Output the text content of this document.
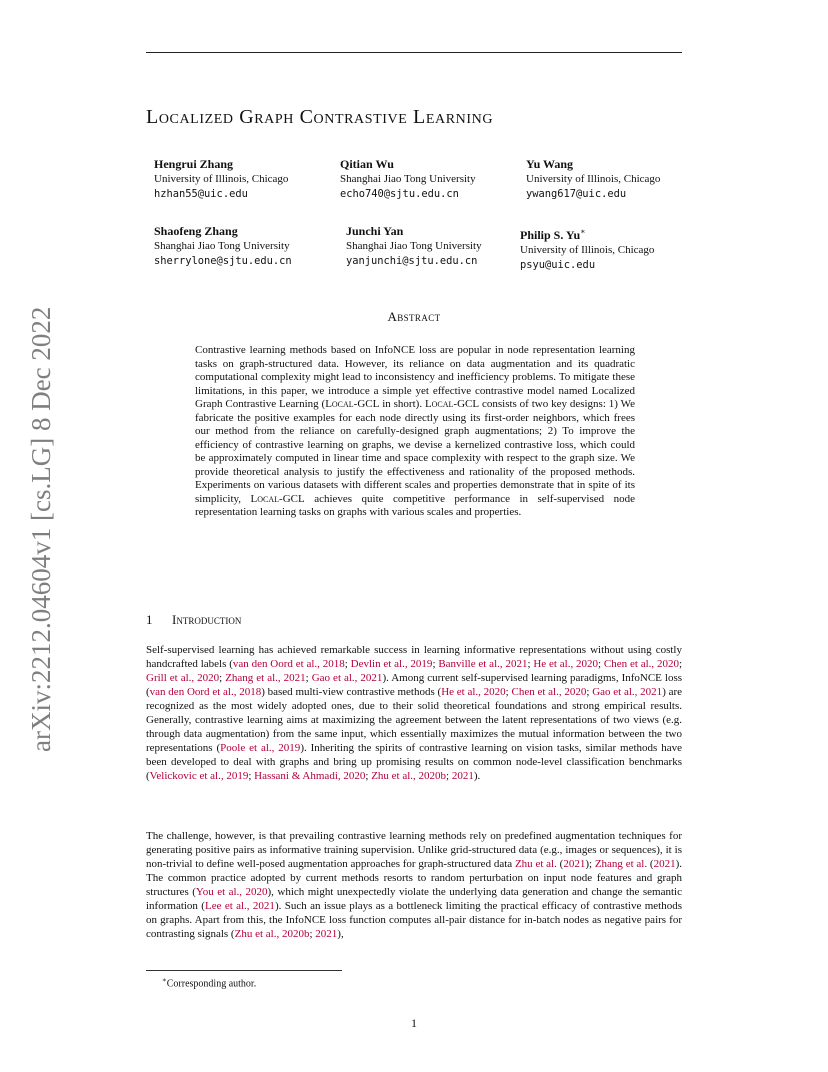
arXiv:2212.04604v1 [cs.LG] 8 Dec 2022
Localized Graph Contrastive Learning
Hengrui Zhang
University of Illinois, Chicago
hzhan55@uic.edu
Qitian Wu
Shanghai Jiao Tong University
echo740@sjtu.edu.cn
Yu Wang
University of Illinois, Chicago
ywang617@uic.edu
Shaofeng Zhang
Shanghai Jiao Tong University
sherrylone@sjtu.edu.cn
Junchi Yan
Shanghai Jiao Tong University
yanjunchi@sjtu.edu.cn
Philip S. Yu∗
University of Illinois, Chicago
psyu@uic.edu
Abstract
Contrastive learning methods based on InfoNCE loss are popular in node representation learning tasks on graph-structured data. However, its reliance on data augmentation and its quadratic computational complexity might lead to inconsistency and inefficiency problems. To mitigate these limitations, in this paper, we introduce a simple yet effective contrastive model named Localized Graph Contrastive Learning (Local-GCL in short). Local-GCL consists of two key designs: 1) We fabricate the positive examples for each node directly using its first-order neighbors, which frees our method from the reliance on carefully-designed graph augmentations; 2) To improve the efficiency of contrastive learning on graphs, we devise a kernelized contrastive loss, which could be approximately computed in linear time and space complexity with respect to the graph size. We provide theoretical analysis to justify the effectiveness and rationality of the proposed methods. Experiments on various datasets with different scales and properties demonstrate that in spite of its simplicity, Local-GCL achieves quite competitive performance in self-supervised node representation learning tasks on graphs with various scales and properties.
1 Introduction
Self-supervised learning has achieved remarkable success in learning informative representations without using costly handcrafted labels (van den Oord et al., 2018; Devlin et al., 2019; Banville et al., 2021; He et al., 2020; Chen et al., 2020; Grill et al., 2020; Zhang et al., 2021; Gao et al., 2021). Among current self-supervised learning paradigms, InfoNCE loss (van den Oord et al., 2018) based multi-view contrastive methods (He et al., 2020; Chen et al., 2020; Gao et al., 2021) are recognized as the most widely adopted ones, due to their solid theoretical foundations and strong empirical results. Generally, contrastive learning aims at maximizing the agreement between the latent representations of two views (e.g. through data augmentation) from the same input, which essentially maximizes the mutual information between the two representations (Poole et al., 2019). Inheriting the spirits of contrastive learning on vision tasks, similar methods have been developed to deal with graphs and bring up promising results on common node-level classification benchmarks (Velickovic et al., 2019; Hassani & Ahmadi, 2020; Zhu et al., 2020b; 2021).
The challenge, however, is that prevailing contrastive learning methods rely on predefined augmentation techniques for generating positive pairs as informative training supervision. Unlike grid-structured data (e.g., images or sequences), it is non-trivial to define well-posed augmentation approaches for graph-structured data Zhu et al. (2021); Zhang et al. (2021). The common practice adopted by current methods resorts to random perturbation on input node features and graph structures (You et al., 2020), which might unexpectedly violate the underlying data generation and change the semantic information (Lee et al., 2021). Such an issue plays as a bottleneck limiting the practical efficacy of contrastive methods on graphs. Apart from this, the InfoNCE loss function computes all-pair distance for in-batch nodes as negative pairs for contrasting signals (Zhu et al., 2020b; 2021),
∗Corresponding author.
1
